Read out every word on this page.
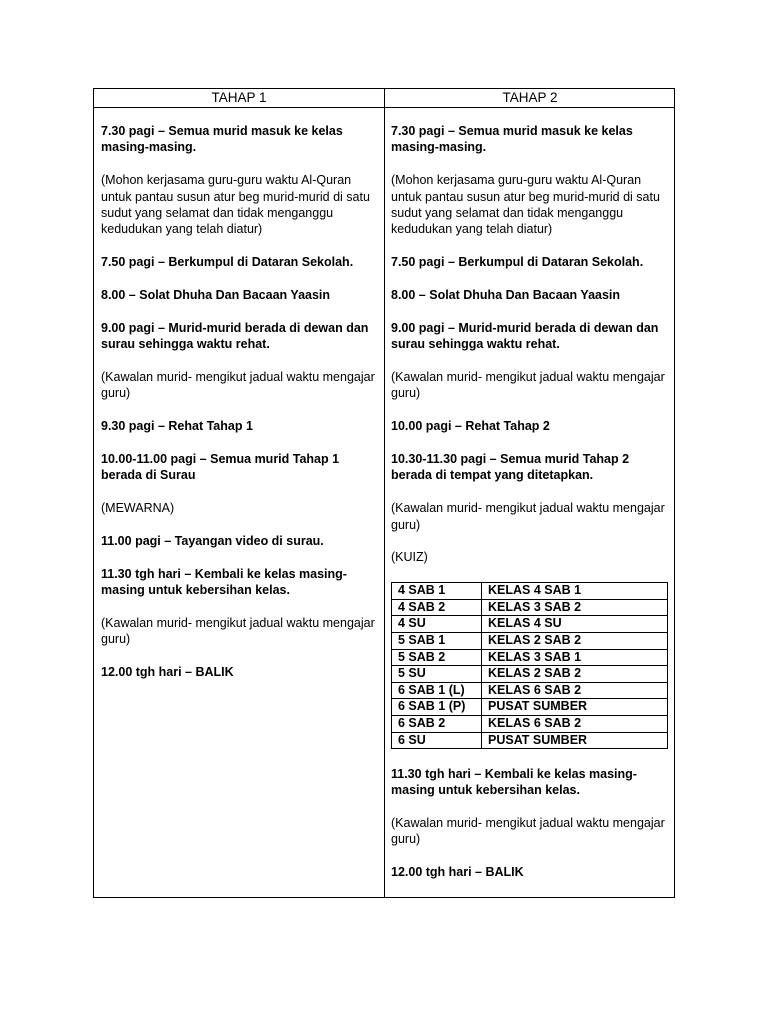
TAHAP 1	TAHAP 2

7.30 pagi – Semua murid masuk ke kelas masing-masing.

(Mohon kerjasama guru-guru waktu Al-Quran untuk pantau susun atur beg murid-murid di satu sudut yang selamat dan tidak menganggu kedudukan yang telah diatur)

7.50 pagi – Berkumpul di Dataran Sekolah.

8.00 – Solat Dhuha Dan Bacaan Yaasin

9.00 pagi – Murid-murid berada di dewan dan surau sehingga waktu rehat.

(Kawalan murid- mengikut jadual waktu mengajar guru)

9.30 pagi – Rehat Tahap 1

10.00-11.00 pagi – Semua murid Tahap 1 berada di Surau

(MEWARNA)

11.00 pagi – Tayangan video di surau.

11.30 tgh hari – Kembali ke kelas masing-masing untuk kebersihan kelas.

(Kawalan murid- mengikut jadual waktu mengajar guru)

12.00 tgh hari – BALIK

7.30 pagi – Semua murid masuk ke kelas masing-masing.

(Mohon kerjasama guru-guru waktu Al-Quran untuk pantau susun atur beg murid-murid di satu sudut yang selamat dan tidak menganggu kedudukan yang telah diatur)

7.50 pagi – Berkumpul di Dataran Sekolah.

8.00 – Solat Dhuha Dan Bacaan Yaasin

9.00 pagi – Murid-murid berada di dewan dan surau sehingga waktu rehat.

(Kawalan murid- mengikut jadual waktu mengajar guru)

10.00 pagi – Rehat Tahap 2

10.30-11.30 pagi – Semua murid Tahap 2 berada di tempat yang ditetapkan.

(Kawalan murid- mengikut jadual waktu mengajar guru)

(KUIZ)

4 SAB 1	KELAS 4 SAB 1
4 SAB 2	KELAS 3 SAB 2
4 SU	KELAS 4 SU
5 SAB 1	KELAS 2 SAB 2
5 SAB 2	KELAS 3 SAB 1
5 SU	KELAS 2 SAB 2
6 SAB 1 (L)	KELAS 6 SAB 2
6 SAB 1 (P)	PUSAT SUMBER
6 SAB 2	KELAS 6 SAB 2
6 SU	PUSAT SUMBER

11.30 tgh hari – Kembali ke kelas masing-masing untuk kebersihan kelas.

(Kawalan murid- mengikut jadual waktu mengajar guru)

12.00 tgh hari – BALIK
